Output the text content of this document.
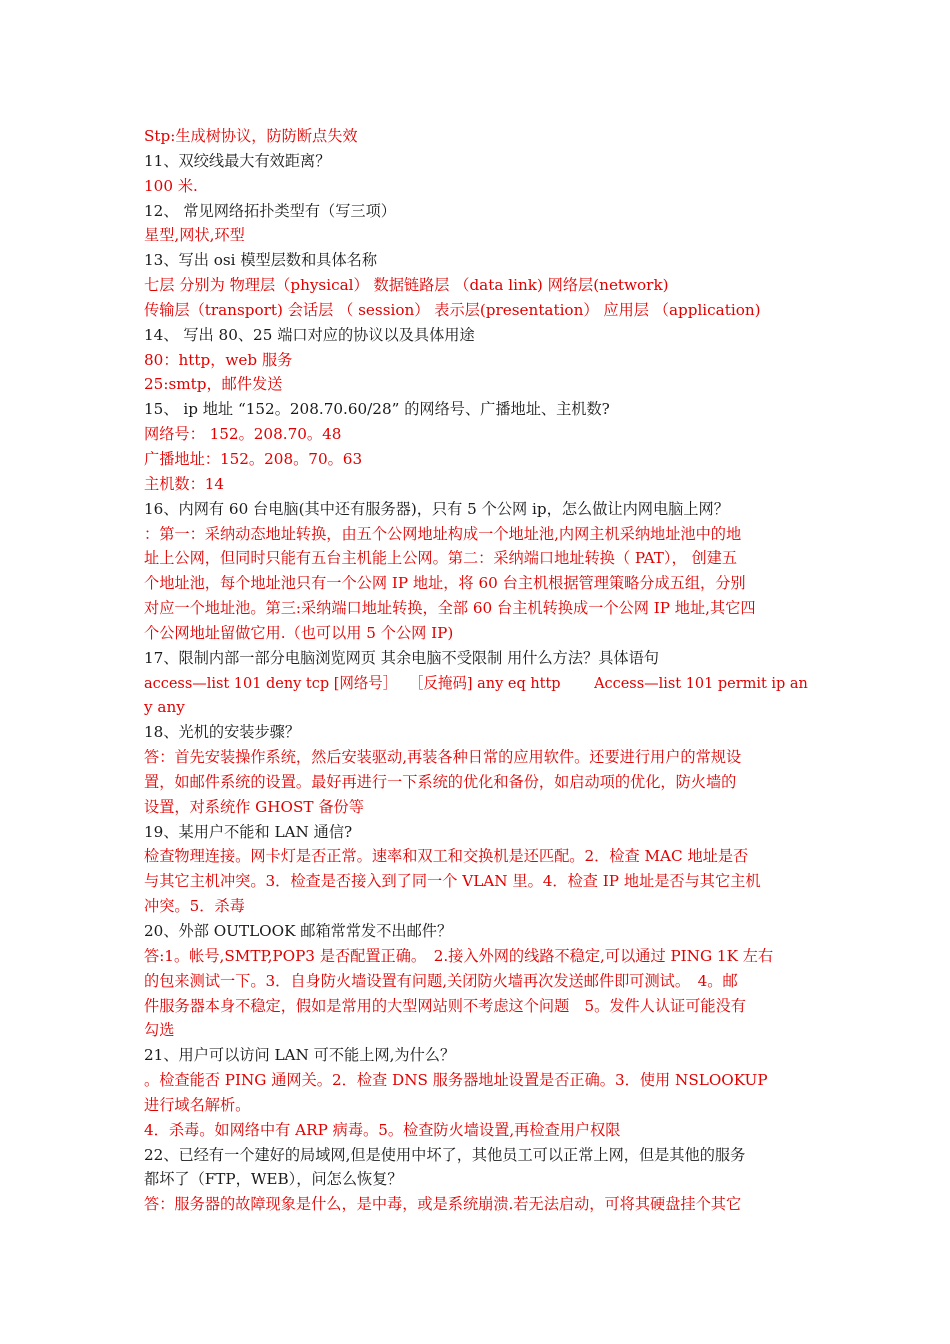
Stp:生成树协议，防防断点失效
11、双绞线最大有效距离？
100 米.
12、 常见网络拓扑类型有（写三项）
星型,网状,环型
13、写出 osi 模型层数和具体名称
七层 分别为 物理层（physical） 数据链路层 （data link) 网络层(network)
传输层（transport) 会话层 （ session） 表示层(presentation） 应用层 （application)
14、 写出 80、25 端口对应的协议以及具体用途
80：http，web 服务
25:smtp，邮件发送
15、 ip 地址 “152。208.70.60/28” 的网络号、广播地址、主机数?
网络号： 152。208.70。48
广播地址：152。208。70。63
主机数：14
16、内网有 60 台电脑(其中还有服务器)，只有 5 个公网 ip，怎么做让内网电脑上网？
：第一：采纳动态地址转换，由五个公网地址构成一个地址池,内网主机采纳地址池中的地
址上公网，但同时只能有五台主机能上公网。第二：采纳端口地址转换（ PAT）， 创建五
个地址池，每个地址池只有一个公网 IP 地址，将 60 台主机根据管理策略分成五组，分别
对应一个地址池。第三:采纳端口地址转换，全部 60 台主机转换成一个公网 IP 地址,其它四
个公网地址留做它用.（也可以用 5 个公网 IP)
17、限制内部一部分电脑浏览网页 其余电脑不受限制 用什么方法？具体语句
access—list 101 deny tcp [网络号］　 ［反掩码] any eq http　　 Access—list 101 permit ip an
y any
18、光机的安装步骤？
答：首先安装操作系统，然后安装驱动,再装各种日常的应用软件。还要进行用户的常规设
置，如邮件系统的设置。最好再进行一下系统的优化和备份，如启动项的优化，防火墙的
设置，对系统作 GHOST 备份等
19、某用户不能和 LAN 通信?
检查物理连接。网卡灯是否正常。速率和双工和交换机是还匹配。2．检查 MAC 地址是否
与其它主机冲突。3．检查是否接入到了同一个 VLAN 里。4．检查 IP 地址是否与其它主机
冲突。5．杀毒
20、外部 OUTLOOK 邮箱常常发不出邮件？
答:1。帐号,SMTP,POP3 是否配置正确。　2.接入外网的线路不稳定,可以通过 PING 1K 左右
的包来测试一下。3．自身防火墙设置有问题,关闭防火墙再次发送邮件即可测试。　4。邮
件服务器本身不稳定，假如是常用的大型网站则不考虑这个问题　5。发件人认证可能没有
勾选
21、用户可以访问 LAN 可不能上网,为什么？
。检查能否 PING 通网关。2．检查 DNS 服务器地址设置是否正确。3．使用 NSLOOKUP
进行域名解析。
4．杀毒。如网络中有 ARP 病毒。5。检查防火墙设置,再检查用户权限
22、已经有一个建好的局域网,但是使用中坏了，其他员工可以正常上网，但是其他的服务
都坏了（FTP，WEB），问怎么恢复？
答：服务器的故障现象是什么，是中毒，或是系统崩溃.若无法启动，可将其硬盘挂个其它
